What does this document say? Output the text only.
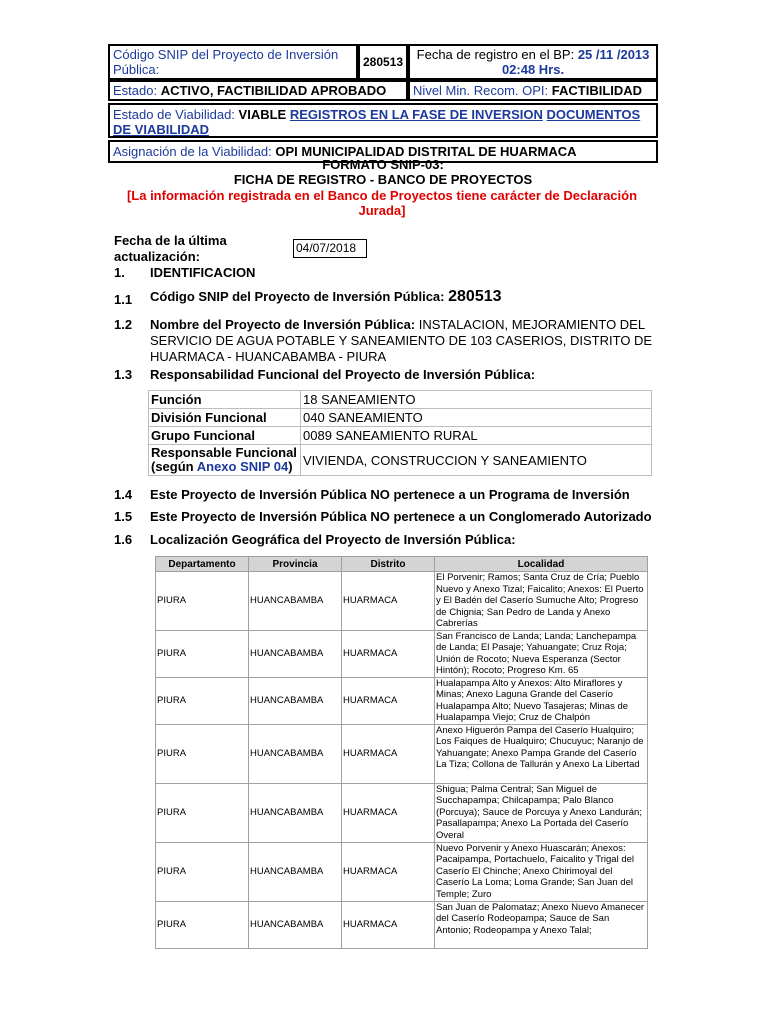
Código SNIP del Proyecto de Inversión Pública:	280513	Fecha de registro en el BP: 25 /11 /2013 02:48 Hrs.
Estado: ACTIVO, FACTIBILIDAD APROBADO		Nivel Min. Recom. OPI: FACTIBILIDAD
Estado de Viabilidad: VIABLE REGISTROS EN LA FASE DE INVERSION DOCUMENTOS DE VIABILIDAD
Asignación de la Viabilidad: OPI MUNICIPALIDAD DISTRITAL DE HUARMACA
FORMATO SNIP-03:
FICHA DE REGISTRO - BANCO DE PROYECTOS
[La información registrada en el Banco de Proyectos tiene carácter de Declaración Jurada]
Fecha de la última actualización:
04/07/2018
1. IDENTIFICACION
1.1 Código SNIP del Proyecto de Inversión Pública: 280513
1.2 Nombre del Proyecto de Inversión Pública: INSTALACION, MEJORAMIENTO DEL SERVICIO DE AGUA POTABLE Y SANEAMIENTO DE 103 CASERIOS, DISTRITO DE HUARMACA - HUANCABAMBA - PIURA
1.3 Responsabilidad Funcional del Proyecto de Inversión Pública:
Función	18 SANEAMIENTO
División Funcional	040 SANEAMIENTO
Grupo Funcional	0089 SANEAMIENTO RURAL
Responsable Funcional
(según Anexo SNIP 04)	VIVIENDA, CONSTRUCCION Y SANEAMIENTO
1.4 Este Proyecto de Inversión Pública NO pertenece a un Programa de Inversión
1.5 Este Proyecto de Inversión Pública NO pertenece a un Conglomerado Autorizado
1.6 Localización Geográfica del Proyecto de Inversión Pública:
Departamento	Provincia	Distrito	Localidad
PIURA	HUANCABAMBA	HUARMACA	El Porvenir; Ramos; Santa Cruz de Cría; Pueblo Nuevo y Anexo Tizal; Faicalito; Anexos: El Puerto y El Badén del Caserío Sumuche Alto; Progreso de Chignia; San Pedro de Landa y Anexo Cabrerías
PIURA	HUANCABAMBA	HUARMACA	San Francisco de Landa; Landa; Lanchepampa de Landa; El Pasaje; Yahuangate; Cruz Roja; Unión de Rocoto; Nueva Esperanza (Sector Hintón); Rocoto; Progreso Km. 65
PIURA	HUANCABAMBA	HUARMACA	Hualapampa Alto y Anexos: Alto Miraflores y Minas; Anexo Laguna Grande del Caserío Hualapampa Alto; Nuevo Tasajeras; Minas de Hualapampa Viejo; Cruz de Chalpón
PIURA	HUANCABAMBA	HUARMACA	Anexo Higuerón Pampa del Caserío Hualquiro; Los Faiques de Hualquiro; Chucuyuc; Naranjo de Yahuangate; Anexo Pampa Grande del Caserío La Tiza; Collona de Tallurán y Anexo La Libertad
PIURA	HUANCABAMBA	HUARMACA	Shigua; Palma Central; San Miguel de Succhapampa; Chilcapampa; Palo Blanco (Porcuya); Sauce de Porcuya y Anexo Landurán; Pasallapampa; Anexo La Portada del Caserío Overal
PIURA	HUANCABAMBA	HUARMACA	Nuevo Porvenir y Anexo Huascarán; Anexos: Pacaipampa, Portachuelo, Faicalito y Trigal del Caserío El Chinche; Anexo Chirimoyal del Caserío La Loma; Loma Grande; San Juan del Temple; Zuro
PIURA	HUANCABAMBA	HUARMACA	San Juan de Palomataz; Anexo Nuevo Amanecer del Caserío Rodeopampa; Sauce de San Antonio; Rodeopampa y Anexo Talal;
